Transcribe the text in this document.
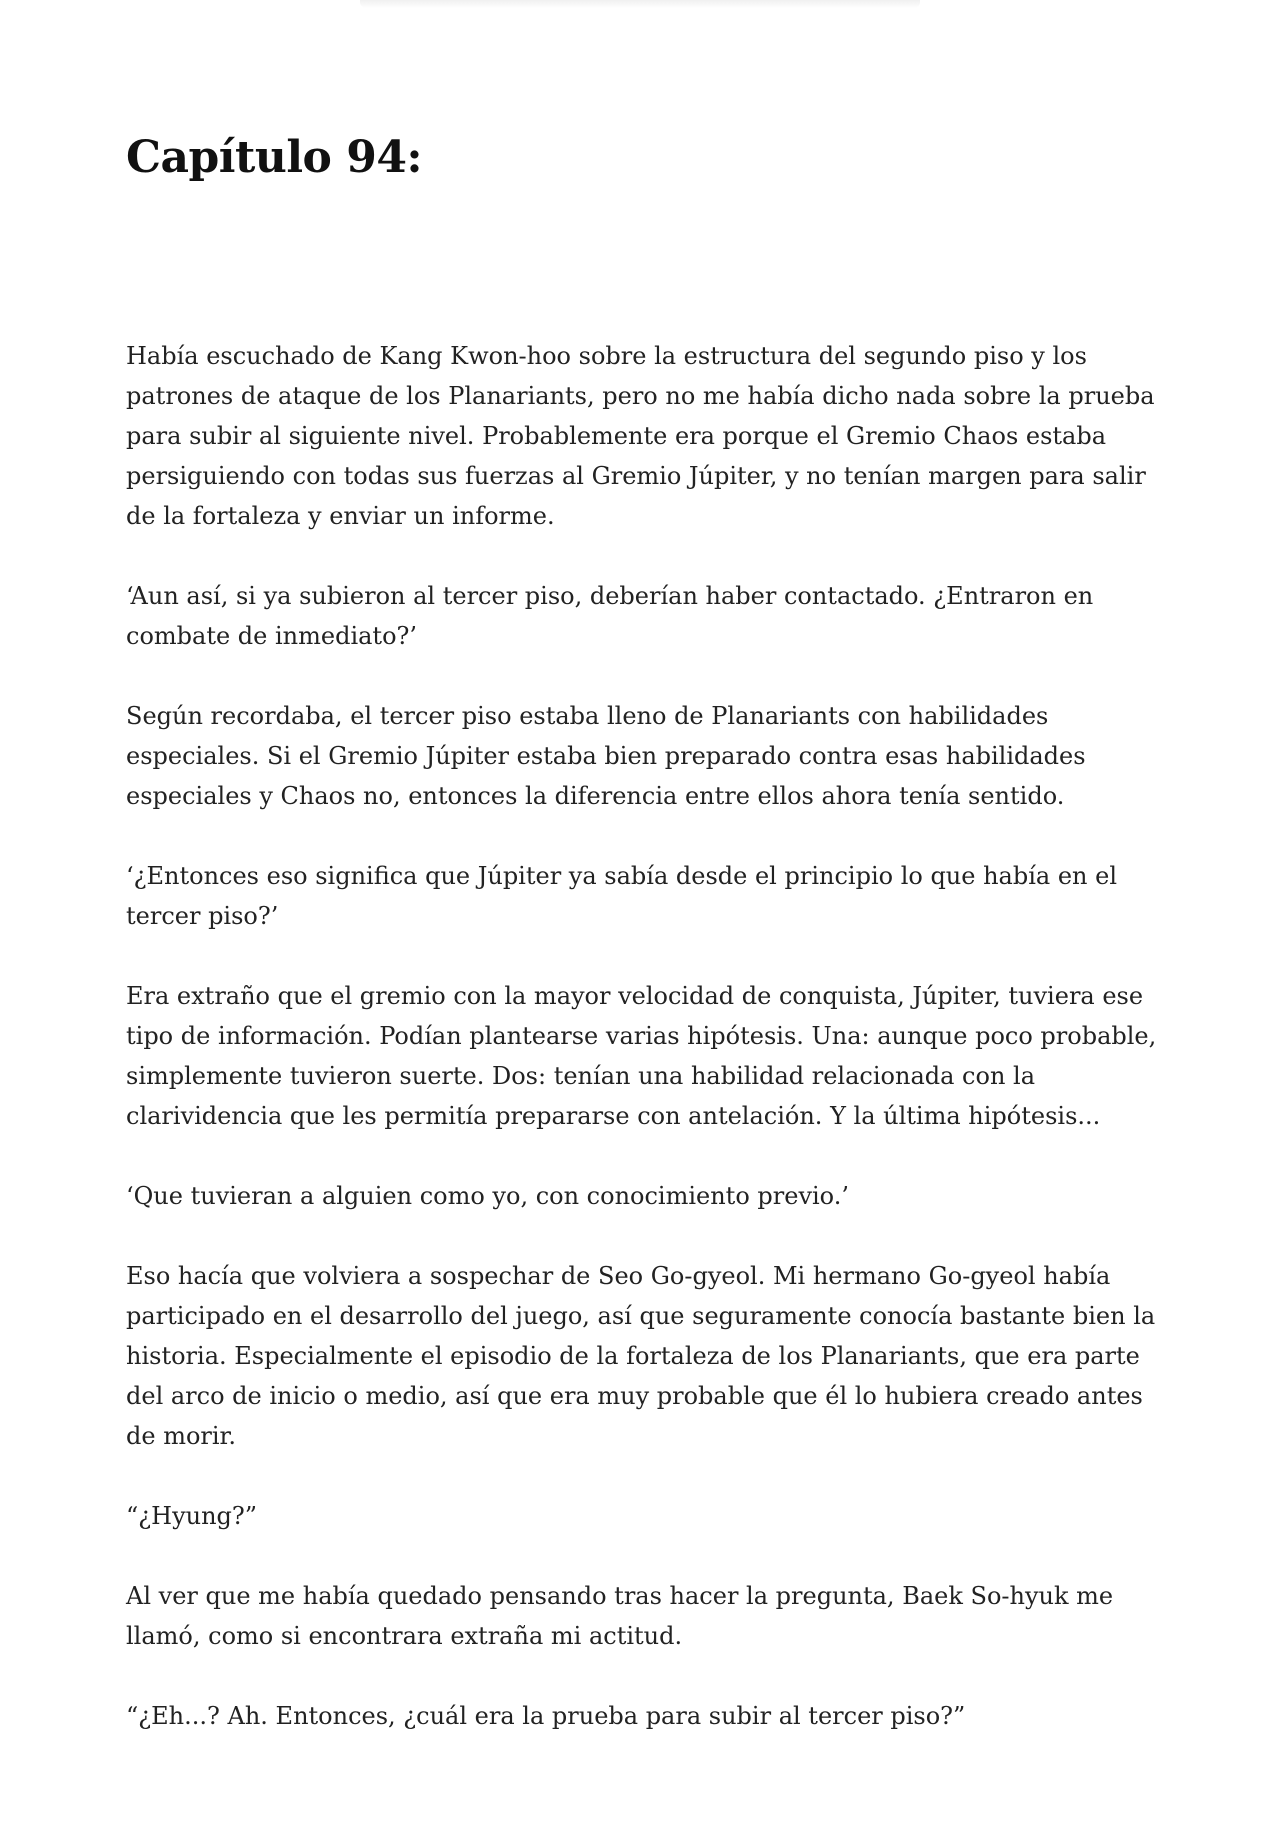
Capítulo 94:

Había escuchado de Kang Kwon-hoo sobre la estructura del segundo piso y los patrones de ataque de los Planariants, pero no me había dicho nada sobre la prueba para subir al siguiente nivel. Probablemente era porque el Gremio Chaos estaba persiguiendo con todas sus fuerzas al Gremio Júpiter, y no tenían margen para salir de la fortaleza y enviar un informe.

‘Aun así, si ya subieron al tercer piso, deberían haber contactado. ¿Entraron en combate de inmediato?’

Según recordaba, el tercer piso estaba lleno de Planariants con habilidades especiales. Si el Gremio Júpiter estaba bien preparado contra esas habilidades especiales y Chaos no, entonces la diferencia entre ellos ahora tenía sentido.

‘¿Entonces eso significa que Júpiter ya sabía desde el principio lo que había en el tercer piso?’

Era extraño que el gremio con la mayor velocidad de conquista, Júpiter, tuviera ese tipo de información. Podían plantearse varias hipótesis. Una: aunque poco probable, simplemente tuvieron suerte. Dos: tenían una habilidad relacionada con la clarividencia que les permitía prepararse con antelación. Y la última hipótesis...

‘Que tuvieran a alguien como yo, con conocimiento previo.’

Eso hacía que volviera a sospechar de Seo Go-gyeol. Mi hermano Go-gyeol había participado en el desarrollo del juego, así que seguramente conocía bastante bien la historia. Especialmente el episodio de la fortaleza de los Planariants, que era parte del arco de inicio o medio, así que era muy probable que él lo hubiera creado antes de morir.

“¿Hyung?”

Al ver que me había quedado pensando tras hacer la pregunta, Baek So-hyuk me llamó, como si encontrara extraña mi actitud.

“¿Eh...? Ah. Entonces, ¿cuál era la prueba para subir al tercer piso?”
